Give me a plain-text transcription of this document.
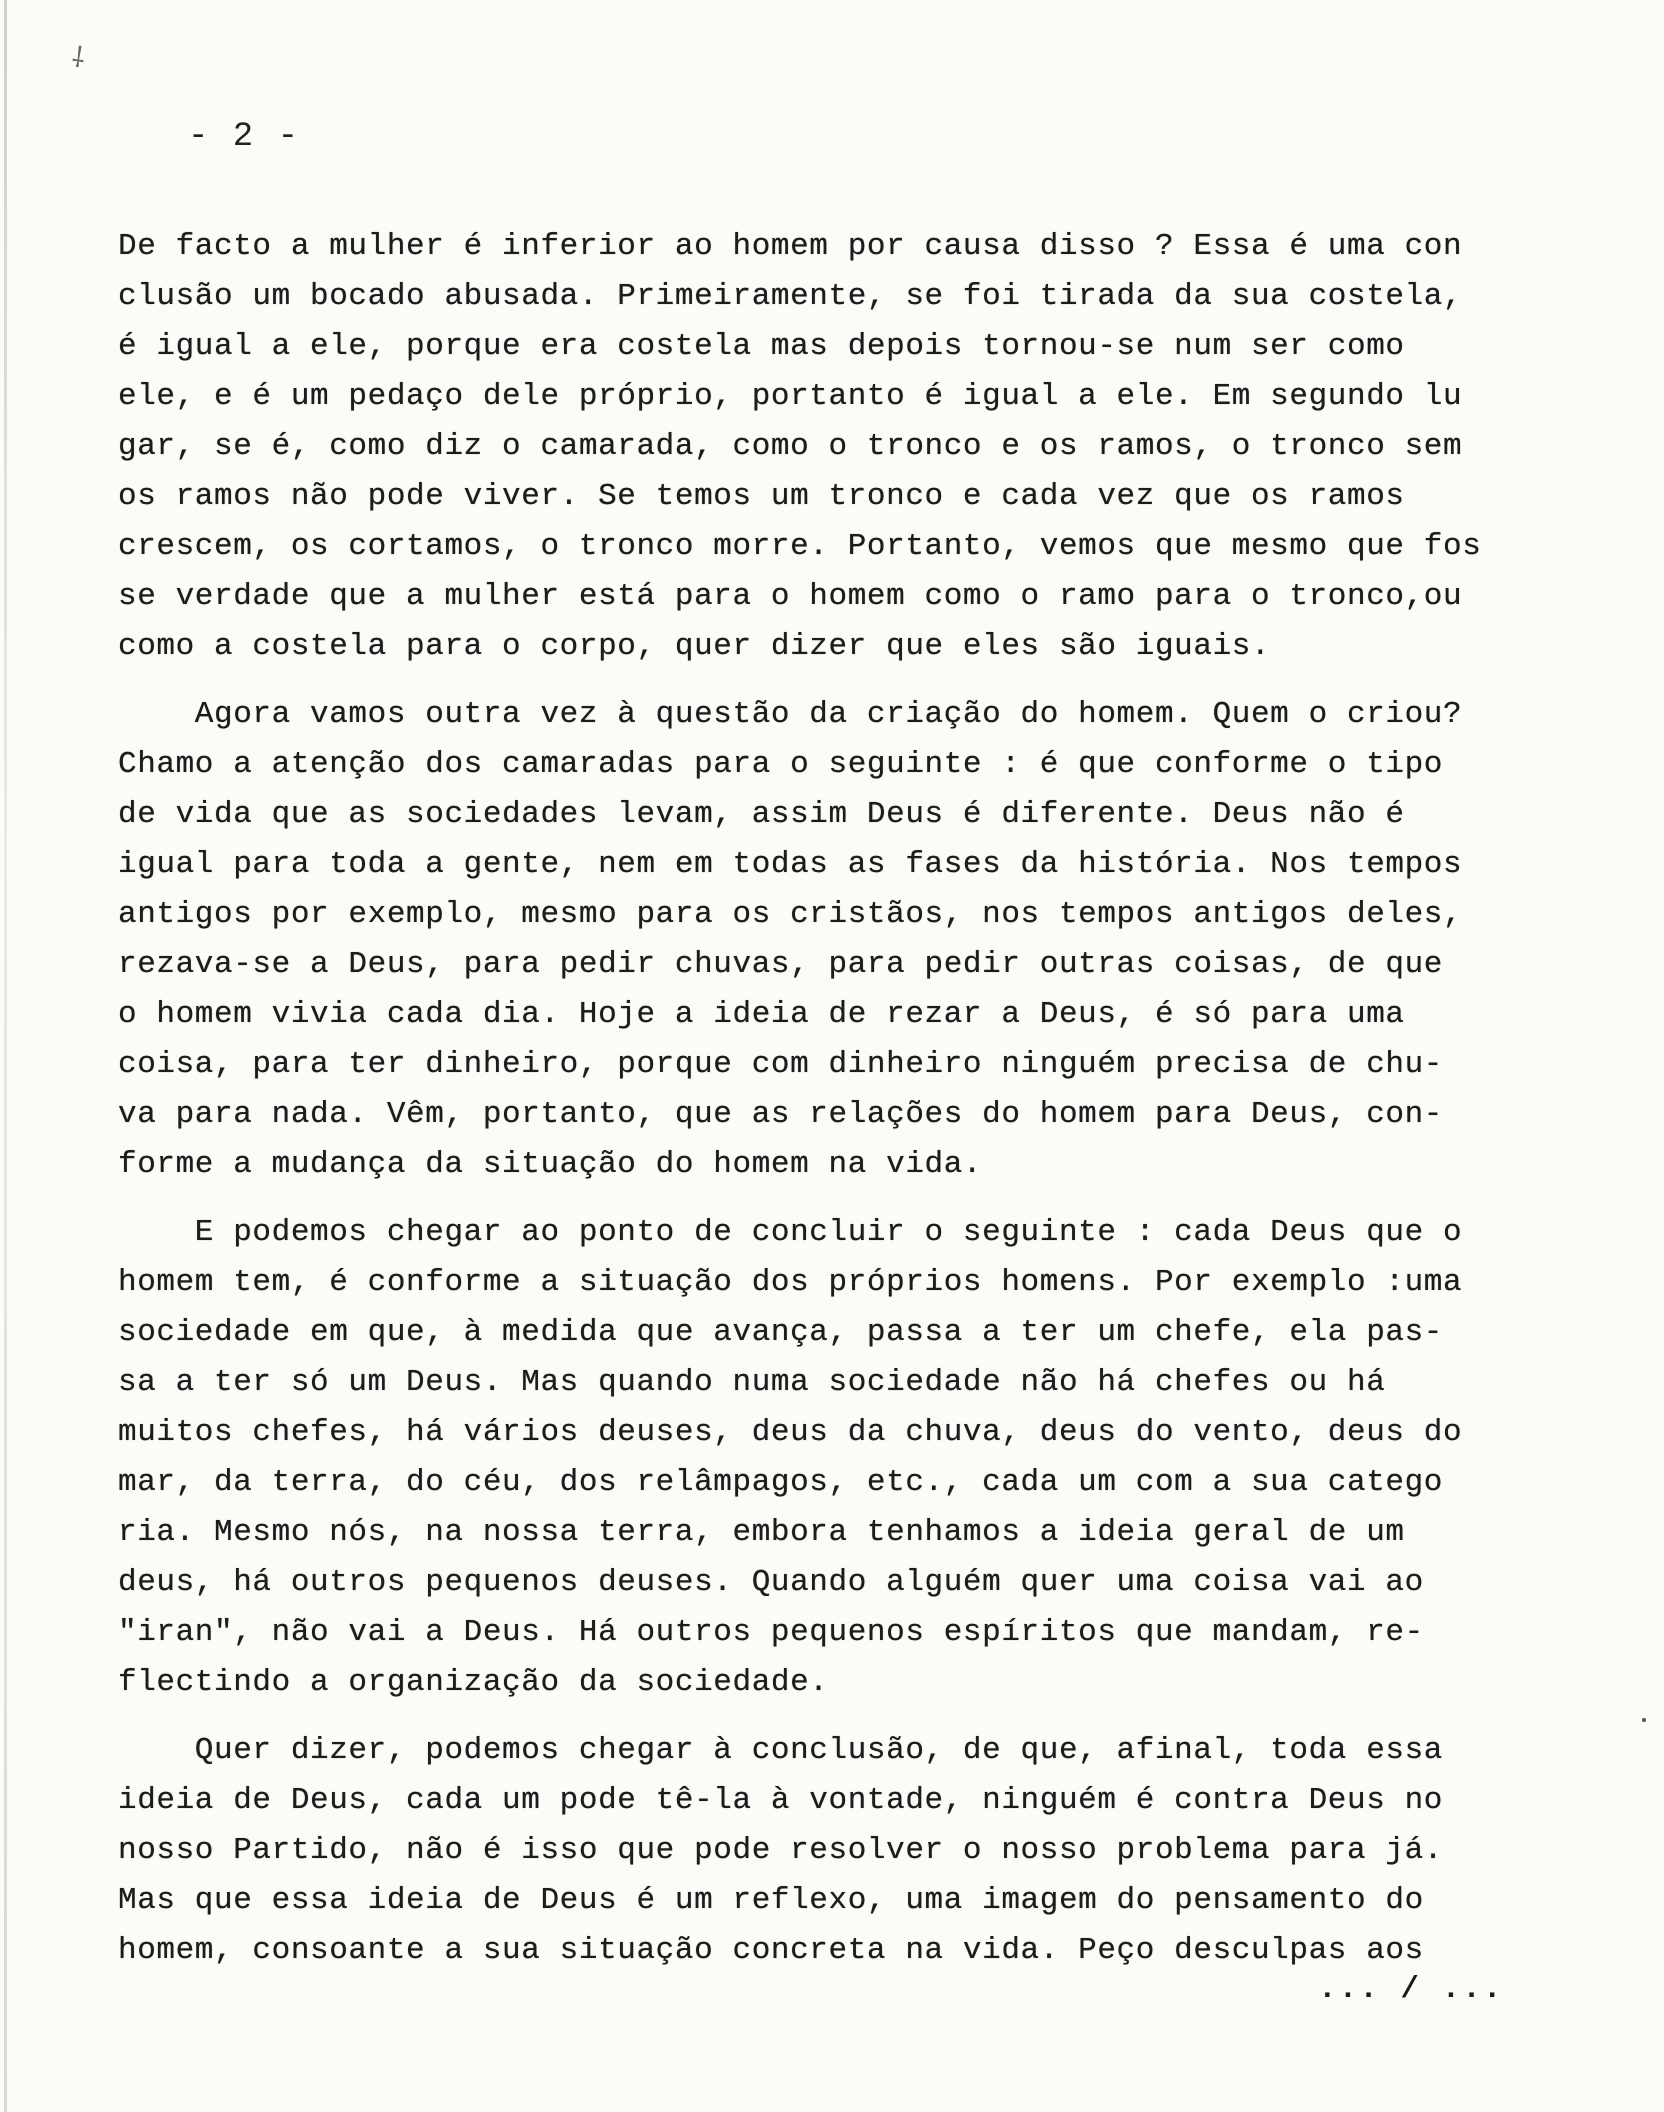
⸸
- 2 -
De facto a mulher é inferior ao homem por causa disso ? Essa é uma con
clusão um bocado abusada. Primeiramente, se foi tirada da sua costela,
é igual a ele, porque era costela mas depois tornou-se num ser como
ele, e é um pedaço dele próprio, portanto é igual a ele. Em segundo lu
gar, se é, como diz o camarada, como o tronco e os ramos, o tronco sem
os ramos não pode viver. Se temos um tronco e cada vez que os ramos
crescem, os cortamos, o tronco morre. Portanto, vemos que mesmo que fos
se verdade que a mulher está para o homem como o ramo para o tronco,ou
como a costela para o corpo, quer dizer que eles são iguais.
Agora vamos outra vez à questão da criação do homem. Quem o criou?
Chamo a atenção dos camaradas para o seguinte : é que conforme o tipo
de vida que as sociedades levam, assim Deus é diferente. Deus não é
igual para toda a gente, nem em todas as fases da história. Nos tempos
antigos por exemplo, mesmo para os cristãos, nos tempos antigos deles,
rezava-se a Deus, para pedir chuvas, para pedir outras coisas, de que
o homem vivia cada dia. Hoje a ideia de rezar a Deus, é só para uma
coisa, para ter dinheiro, porque com dinheiro ninguém precisa de chu-
va para nada. Vêm, portanto, que as relações do homem para Deus, con-
forme a mudança da situação do homem na vida.
E podemos chegar ao ponto de concluir o seguinte : cada Deus que o
homem tem, é conforme a situação dos próprios homens. Por exemplo :uma
sociedade em que, à medida que avança, passa a ter um chefe, ela pas-
sa a ter só um Deus. Mas quando numa sociedade não há chefes ou há
muitos chefes, há vários deuses, deus da chuva, deus do vento, deus do
mar, da terra, do céu, dos relâmpagos, etc., cada um com a sua catego
ria. Mesmo nós, na nossa terra, embora tenhamos a ideia geral de um
deus, há outros pequenos deuses. Quando alguém quer uma coisa vai ao
"iran", não vai a Deus. Há outros pequenos espíritos que mandam, re-
flectindo a organização da sociedade.
Quer dizer, podemos chegar à conclusão, de que, afinal, toda essa
ideia de Deus, cada um pode tê-la à vontade, ninguém é contra Deus no
nosso Partido, não é isso que pode resolver o nosso problema para já.
Mas que essa ideia de Deus é um reflexo, uma imagem do pensamento do
homem, consoante a sua situação concreta na vida. Peço desculpas aos
... / ...
